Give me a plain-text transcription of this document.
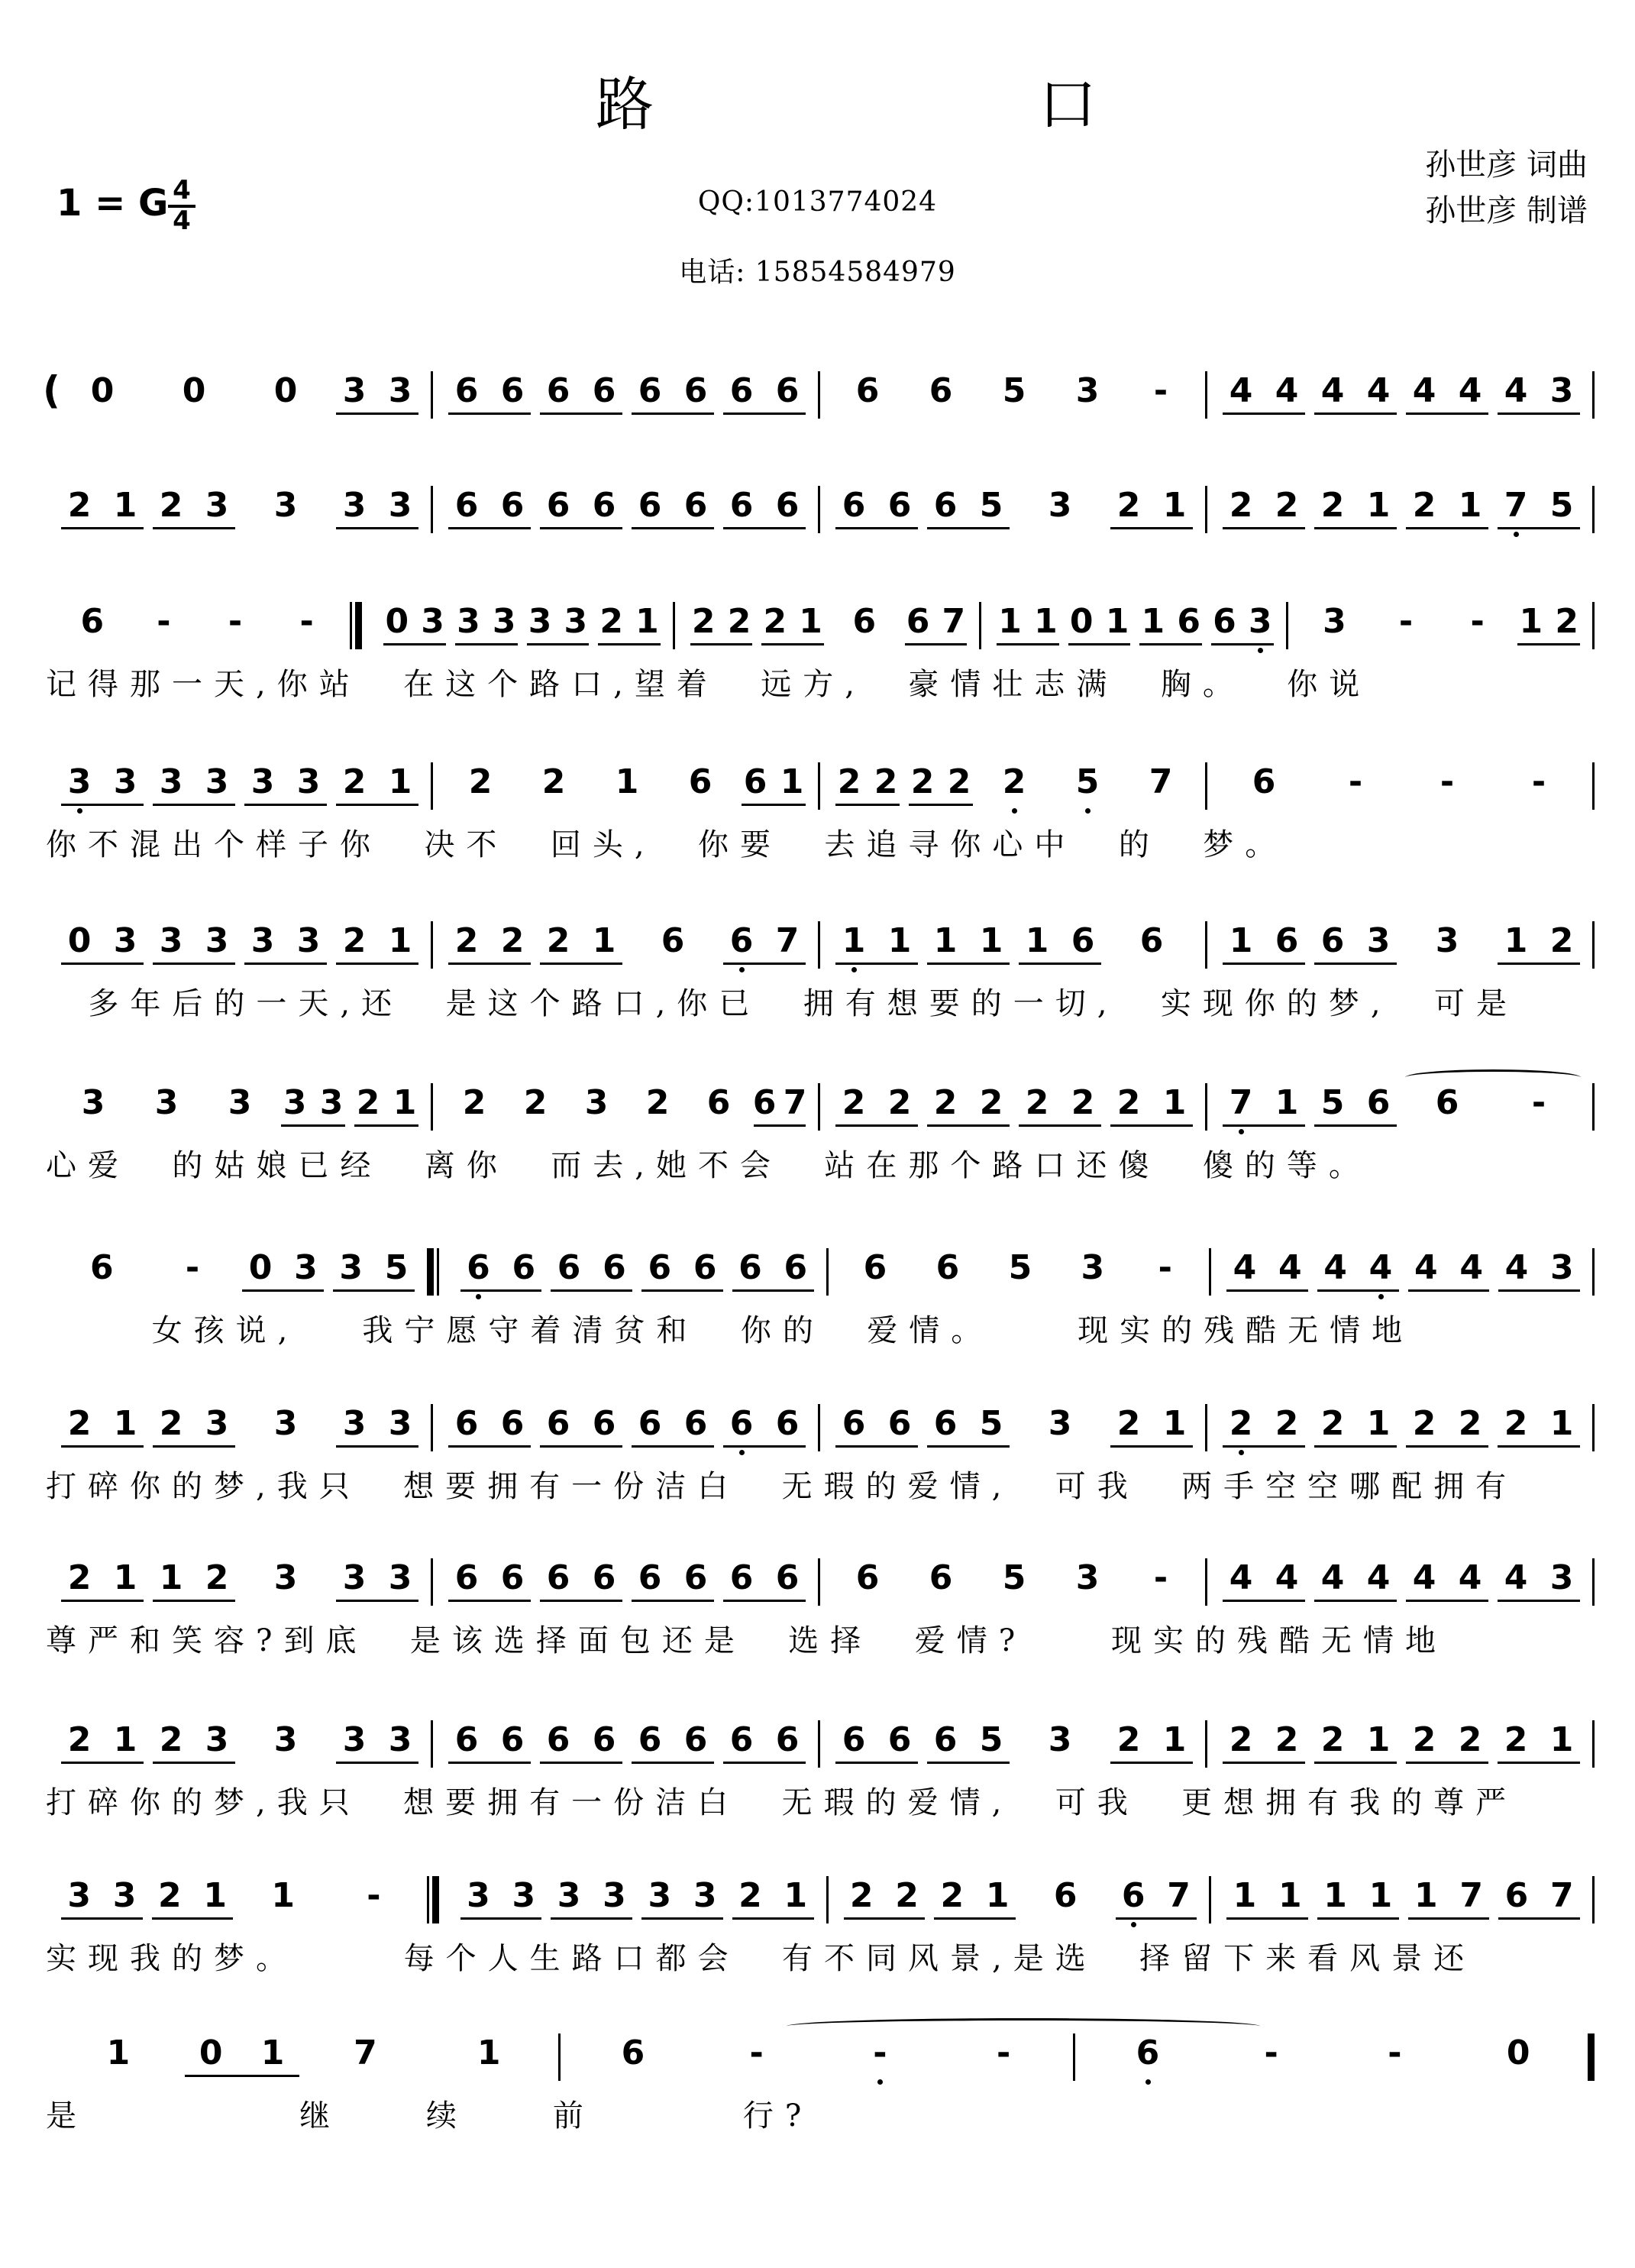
路	口
1 = G 4
4
孙世彦 词曲
孙世彦 制谱
QQ:1013774024
电话: 15854584979
( 0 0 0 3 3 6 6 6 6 6 6 6 6 6 6 5 3 - 4 4 4 4 4 4 4 3
2 1 2 3 3 3 3 6 6 6 6 6 6 6 6 6 6 6 5 3 2 1 2 2 2 1 2 1 7 5
6 - - - 0 3 3 3 3 3 2 1 2 2 2 1 6 6 7 1 1 0 1 1 6 6 3 3 - - 1 2
记得那一天,你站  在这个路口,望着  远方,  豪情壮志满  胸。  你说
3 3 3 3 3 3 2 1 2 2 1 6 6 1 2 2 2 2 2 5 7 6 - - -
你不混出个样子你  决不  回头,  你要  去追寻你心中  的  梦。
0 3 3 3 3 3 2 1 2 2 2 1 6 6 7 1 1 1 1 1 6 6 1 6 6 3 3 1 2
多年后的一天,还  是这个路口,你已  拥有想要的一切,  实现你的梦,  可是
3 3 3 3 3 2 1 2 2 3 2 6 6 7 2 2 2 2 2 2 2 1 7 1 5 6 6 -
心爱  的姑娘已经  离你  而去,她不会  站在那个路口还傻  傻的等。
6 - 0 3 3 5 6 6 6 6 6 6 6 6 6 6 5 3 - 4 4 4 4 4 4 4 3
女孩说,   我宁愿守着清贫和  你的  爱情。    现实的残酷无情地
2 1 2 3 3 3 3 6 6 6 6 6 6 6 6 6 6 6 5 3 2 1 2 2 2 1 2 2 2 1
打碎你的梦,我只  想要拥有一份洁白  无瑕的爱情,  可我  两手空空哪配拥有
2 1 1 2 3 3 3 6 6 6 6 6 6 6 6 6 6 5 3 - 4 4 4 4 4 4 4 3
尊严和笑容?到底  是该选择面包还是  选择  爱情?    现实的残酷无情地
2 1 2 3 3 3 3 6 6 6 6 6 6 6 6 6 6 6 5 3 2 1 2 2 2 1 2 2 2 1
打碎你的梦,我只  想要拥有一份洁白  无瑕的爱情,  可我  更想拥有我的尊严
3 3 2 1 1 -	3 3 3 3 3 3 2 1 2 2 2 1 6 6 7 1 1 1 1 1 7 6 7
实现我的梦。     每个人生路口都会  有不同风景,是选  择留下来看风景还
1 0 1 7	1	6	-	-	-	6	-	-	0
是          继    续    前       行?
